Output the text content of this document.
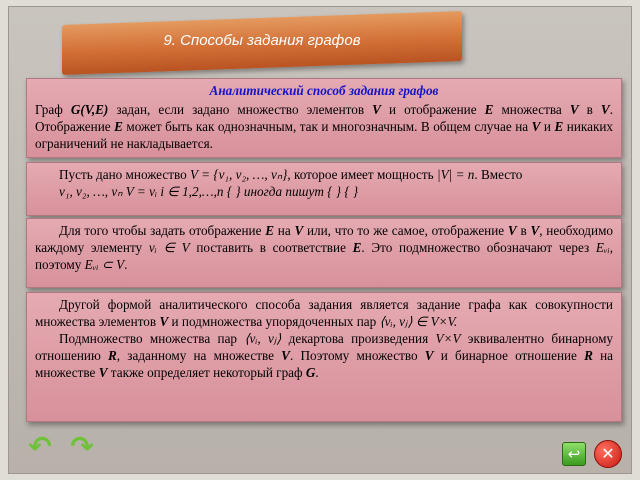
9. Способы задания графов
Аналитический способ задания графов

Граф G(V,E) задан, если задано множество элементов V и отображение E множества V в V. Отображение E может быть как однозначным, так и многозначным. В общем случае на V и E никаких ограничений не накладывается.

Пусть дано множество V = {v₁, v₂, …, vₙ}, которое имеет мощность |V| = n. Вместо

v₁, v₂, …, vₙ V = vᵢ i ∈ 1,2,…,n { } иногда пишут { } { }

Для того чтобы задать отображение E на V или, что то же самое, отображение V в V, необходимо каждому элементу vᵢ ∈ V поставить в соответствие E. Это подмножество обозначают через Eᵥᵢ, поэтому Eᵥᵢ ⊂ V.

Другой формой аналитического способа задания является задание графа как совокупности множества элементов V и подмножества упорядоченных пар ⟨vᵢ, vⱼ⟩ ∈ V×V.

Подмножество множества пар ⟨vᵢ, vⱼ⟩ декартова произведения V×V эквивалентно бинарному отношению R, заданному на множестве V. Поэтому множество V и бинарное отношение R на множестве V также определяет некоторый граф G.

↶ ↷	↩	✕
